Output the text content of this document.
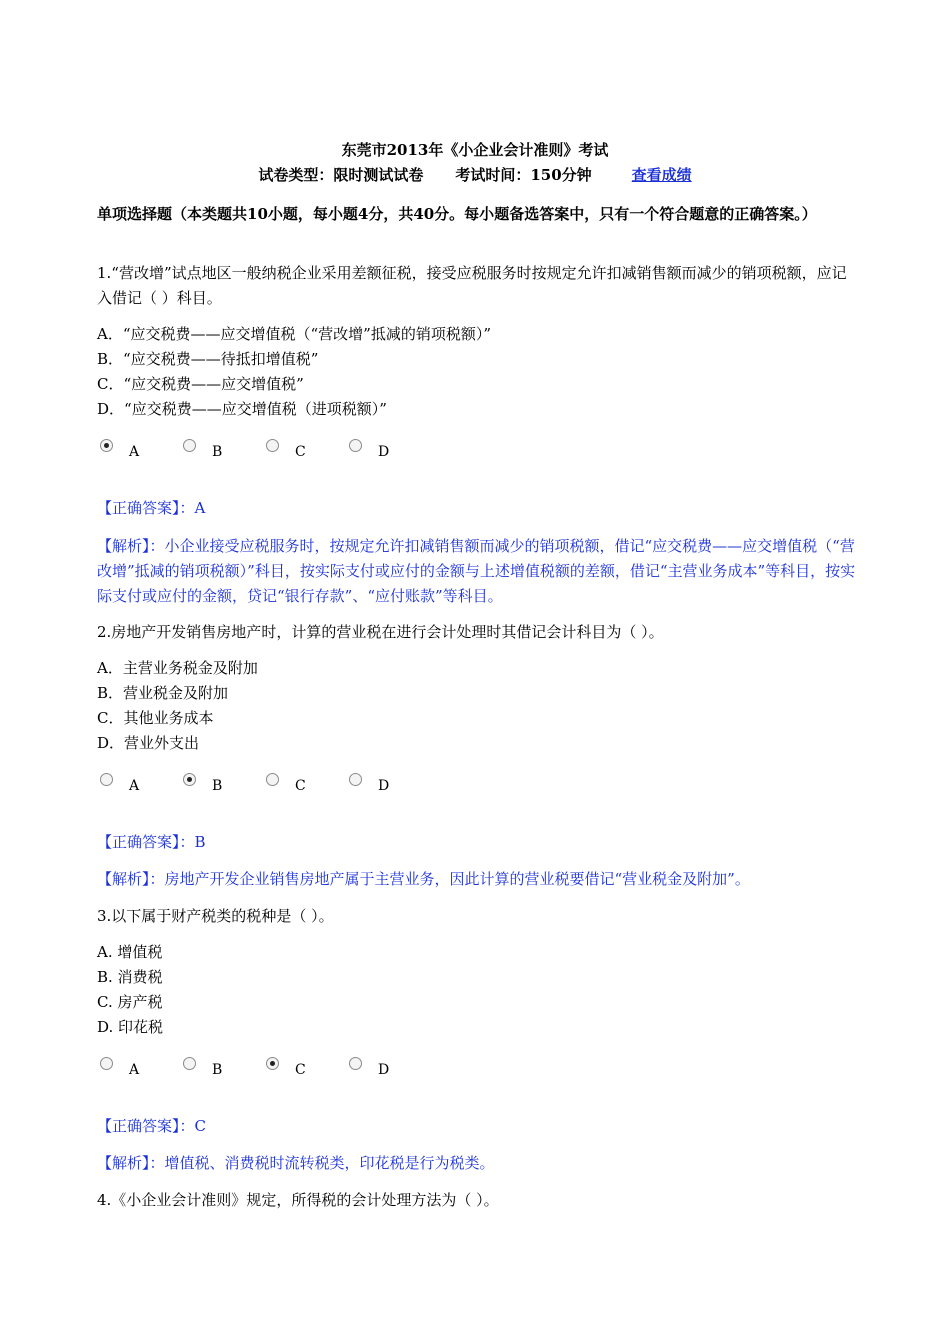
东莞市2013年《小企业会计准则》考试
试卷类型：限时测试试卷 考试时间：150分钟	查看成绩
单项选择题（本类题共10小题，每小题4分，共40分。每小题备选答案中，只有一个符合题意的正确答案。）
1.“营改增”试点地区一般纳税企业采用差额征税，接受应税服务时按规定允许扣减销售额而减少的销项税额，应记入借记（ ）科目。
A．“应交税费——应交增值税（“营改增”抵减的销项税额）”
B．“应交税费——待抵扣增值税”
C．“应交税费——应交增值税”
D．“应交税费——应交增值税（进项税额）”
A	B	C	D
【正确答案】：A
【解析】：小企业接受应税服务时，按规定允许扣减销售额而减少的销项税额，借记“应交税费——应交增值税（“营改增”抵减的销项税额）”科目，按实际支付或应付的金额与上述增值税额的差额，借记“主营业务成本”等科目，按实际支付或应付的金额，贷记“银行存款”、“应付账款”等科目。
2.房地产开发销售房地产时，计算的营业税在进行会计处理时其借记会计科目为（ ）。
A．主营业务税金及附加
B．营业税金及附加
C．其他业务成本
D．营业外支出
A	B	C	D
【正确答案】：B
【解析】：房地产开发企业销售房地产属于主营业务，因此计算的营业税要借记“营业税金及附加”。
3.以下属于财产税类的税种是（ ）。
A. 增值税
B. 消费税
C. 房产税
D. 印花税
A	B	C	D
【正确答案】：C
【解析】：增值税、消费税时流转税类，印花税是行为税类。
4.《小企业会计准则》规定，所得税的会计处理方法为（ ）。
